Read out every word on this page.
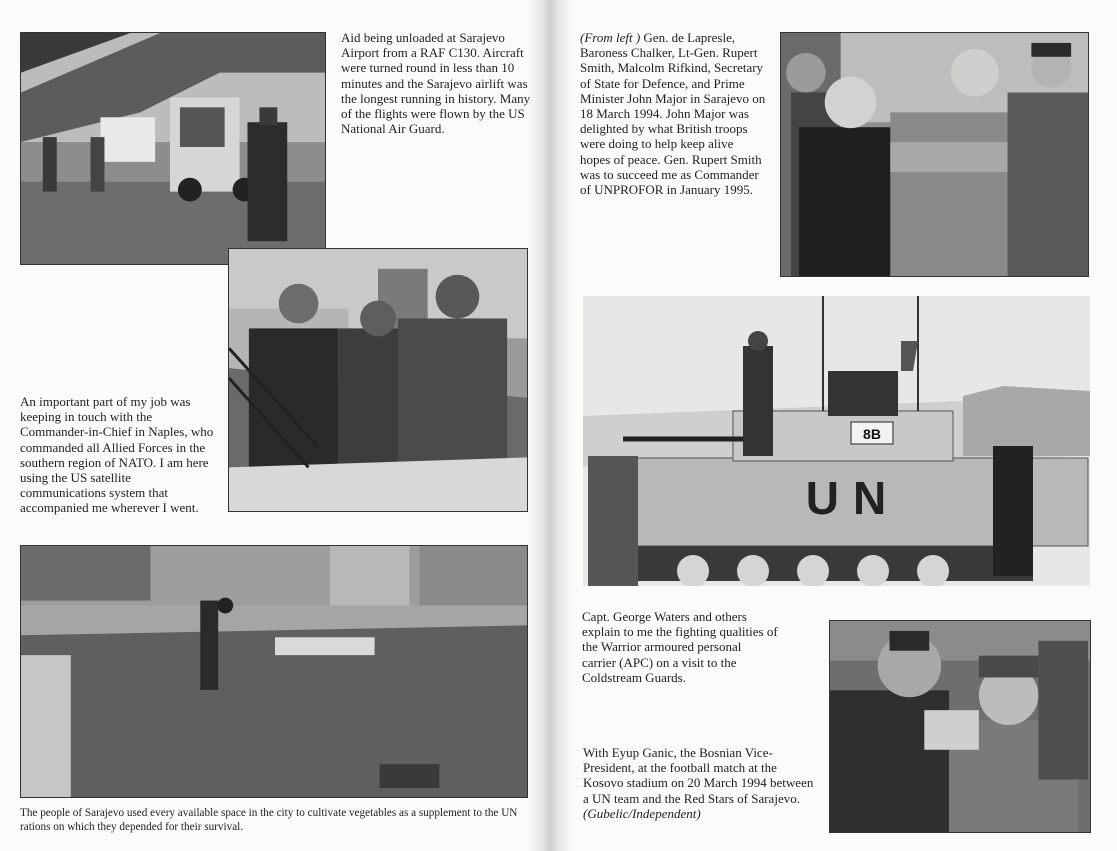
Aid being unloaded at Sarajevo Airport from a RAF C130. Aircraft were turned round in less than 10 minutes and the Sarajevo airlift was the longest running in history. Many of the flights were flown by the US National Air Guard.

An important part of my job was keeping in touch with the Commander-in-Chief in Naples, who commanded all Allied Forces in the southern region of NATO. I am here using the US satellite communications system that accompanied me wherever I went.

The people of Sarajevo used every available space in the city to cultivate vegetables as a supplement to the UN rations on which they depended for their survival.

(From left ) Gen. de Lapresle, Baroness Chalker, Lt-Gen. Rupert Smith, Malcolm Rifkind, Secretary of State for Defence, and Prime Minister John Major in Sarajevo on 18 March 1994. John Major was delighted by what British troops were doing to help keep alive hopes of peace. Gen. Rupert Smith was to succeed me as Commander of UNPROFOR in January 1995.

8B
UN

Capt. George Waters and others explain to me the fighting qualities of the Warrior armoured personal carrier (APC) on a visit to the Coldstream Guards.

With Eyup Ganic, the Bosnian Vice-President, at the football match at the Kosovo stadium on 20 March 1994 between a UN team and the Red Stars of Sarajevo.
(Gubelic/Independent)
